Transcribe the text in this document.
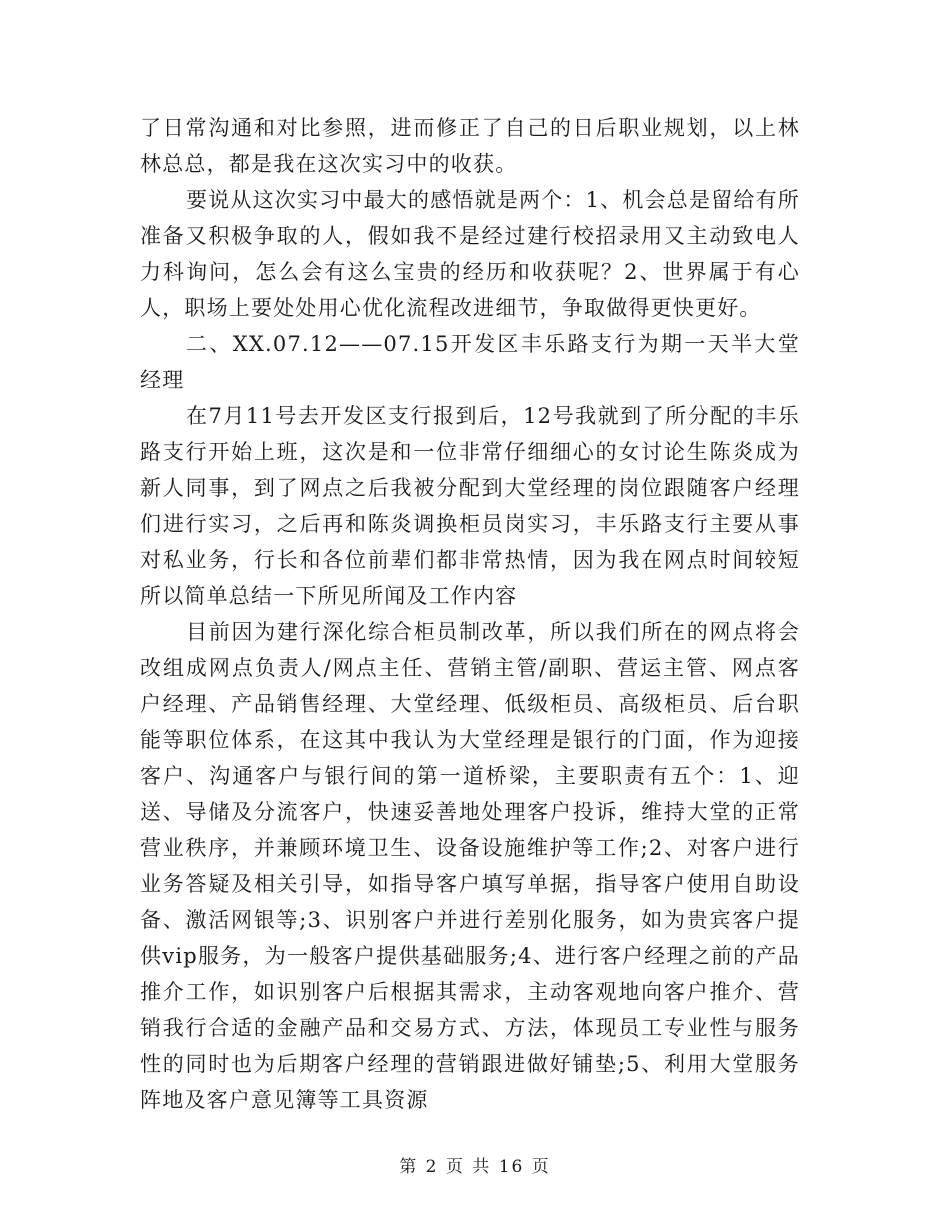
了日常沟通和对比参照，进而修正了自己的日后职业规划，以上林林总总，都是我在这次实习中的收获。

要说从这次实习中最大的感悟就是两个：1、机会总是留给有所准备又积极争取的人，假如我不是经过建行校招录用又主动致电人力科询问，怎么会有这么宝贵的经历和收获呢？2、世界属于有心人，职场上要处处用心优化流程改进细节，争取做得更快更好。

二、XX.07.12——07.15开发区丰乐路支行为期一天半大堂经理

在7月11号去开发区支行报到后，12号我就到了所分配的丰乐路支行开始上班，这次是和一位非常仔细细心的女讨论生陈炎成为新人同事，到了网点之后我被分配到大堂经理的岗位跟随客户经理们进行实习，之后再和陈炎调换柜员岗实习，丰乐路支行主要从事对私业务，行长和各位前辈们都非常热情，因为我在网点时间较短所以简单总结一下所见所闻及工作内容

目前因为建行深化综合柜员制改革，所以我们所在的网点将会改组成网点负责人/网点主任、营销主管/副职、营运主管、网点客户经理、产品销售经理、大堂经理、低级柜员、高级柜员、后台职能等职位体系，在这其中我认为大堂经理是银行的门面，作为迎接客户、沟通客户与银行间的第一道桥梁，主要职责有五个：1、迎送、导储及分流客户，快速妥善地处理客户投诉，维持大堂的正常营业秩序，并兼顾环境卫生、设备设施维护等工作;2、对客户进行业务答疑及相关引导，如指导客户填写单据，指导客户使用自助设备、激活网银等;3、识别客户并进行差别化服务，如为贵宾客户提供vip服务，为一般客户提供基础服务;4、进行客户经理之前的产品推介工作，如识别客户后根据其需求，主动客观地向客户推介、营销我行合适的金融产品和交易方式、方法，体现员工专业性与服务性的同时也为后期客户经理的营销跟进做好铺垫;5、利用大堂服务阵地及客户意见簿等工具资源

第 2 页 共 16 页
